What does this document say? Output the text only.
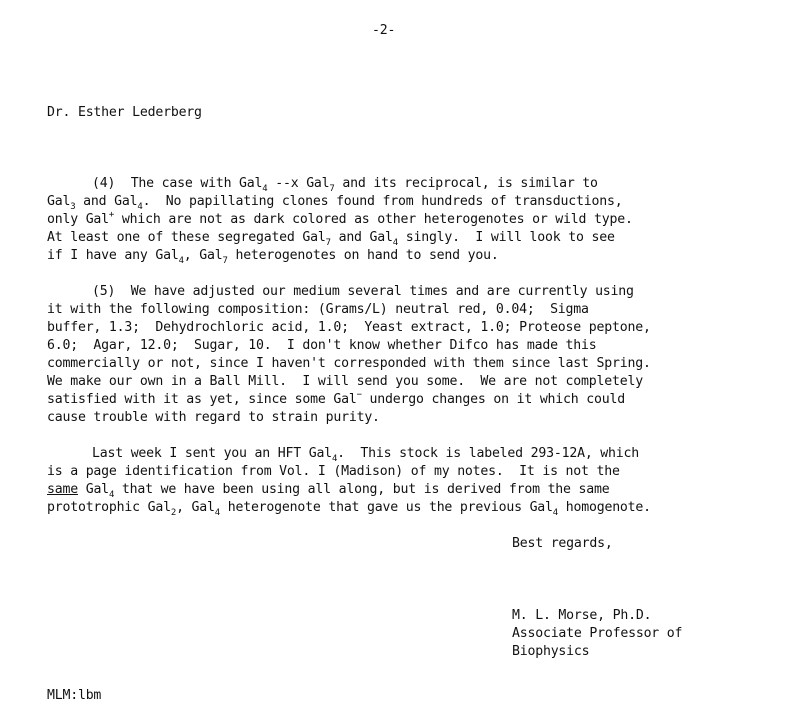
-2-
Dr. Esther Lederberg
(4)  The case with Gal$_4$ --x Gal$_7$ and its reciprocal, is similar to
Gal$_3$ and Gal$_4$.  No papillating clones found from hundreds of transductions,
only Gal+ which are not as dark colored as other heterogenotes or wild type.
At least one of these segregated Gal$_7$ and Gal$_4$ singly.  I will look to see
if I have any Gal$_4$, Gal$_7$ heterogenotes on hand to send you.
(5)  We have adjusted our medium several times and are currently using
it with the following composition: (Grams/L) neutral red, 0.04;  Sigma
buffer, 1.3;  Dehydrochloric acid, 1.0;  Yeast extract, 1.0; Proteose peptone,
6.0;  Agar, 12.0;  Sugar, 10.  I don't know whether Difco has made this
commercially or not, since I haven't corresponded with them since last Spring.
We make our own in a Ball Mill.  I will send you some.  We are not completely
satisfied with it as yet, since some Gal− undergo changes on it which could
cause trouble with regard to strain purity.
Last week I sent you an HFT Gal$_4$.  This stock is labeled 293-12A, which
is a page identification from Vol. I (Madison) of my notes.  It is not the
same Gal$_4$ that we have been using all along, but is derived from the same
prototrophic Gal$_2$, Gal$_4$ heterogenote that gave us the previous Gal$_4$ homogenote.
Best regards,
M. L. Morse, Ph.D.
Associate Professor of
Biophysics
MLM:lbm
